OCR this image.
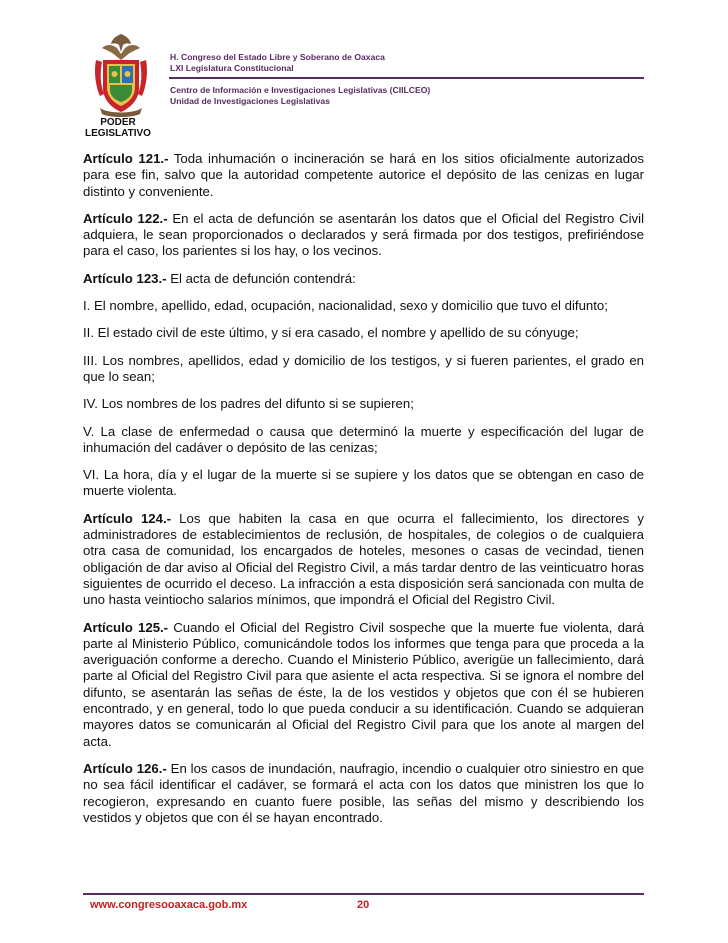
H. Congreso del Estado Libre y Soberano de Oaxaca
LXI Legislatura Constitucional
Centro de Información e Investigaciones Legislativas (CIILCEO)
Unidad de Investigaciones Legislativas
PODER
LEGISLATIVO

Artículo 121.- Toda inhumación o incineración se hará en los sitios oficialmente autorizados para ese fin, salvo que la autoridad competente autorice el depósito de las cenizas en lugar distinto y conveniente.

Artículo 122.- En el acta de defunción se asentarán los datos que el Oficial del Registro Civil adquiera, le sean proporcionados o declarados y será firmada por dos testigos, prefiriéndose para el caso, los parientes si los hay, o los vecinos.

Artículo 123.- El acta de defunción contendrá:

I. El nombre, apellido, edad, ocupación, nacionalidad, sexo y domicilio que tuvo el difunto;

II. El estado civil de este último, y si era casado, el nombre y apellido de su cónyuge;

III. Los nombres, apellidos, edad y domicilio de los testigos, y si fueren parientes, el grado en que lo sean;

IV. Los nombres de los padres del difunto si se supieren;

V. La clase de enfermedad o causa que determinó la muerte y especificación del lugar de inhumación del cadáver o depósito de las cenizas;

VI. La hora, día y el lugar de la muerte si se supiere y los datos que se obtengan en caso de muerte violenta.

Artículo 124.- Los que habiten la casa en que ocurra el fallecimiento, los directores y administradores de establecimientos de reclusión, de hospitales, de colegios o de cualquiera otra casa de comunidad, los encargados de hoteles, mesones o casas de vecindad, tienen obligación de dar aviso al Oficial del Registro Civil, a más tardar dentro de las veinticuatro horas siguientes de ocurrido el deceso. La infracción a esta disposición será sancionada con multa de uno hasta veintiocho salarios mínimos, que impondrá el Oficial del Registro Civil.

Artículo 125.- Cuando el Oficial del Registro Civil sospeche que la muerte fue violenta, dará parte al Ministerio Público, comunicándole todos los informes que tenga para que proceda a la averiguación conforme a derecho. Cuando el Ministerio Público, averigüe un fallecimiento, dará parte al Oficial del Registro Civil para que asiente el acta respectiva. Si se ignora el nombre del difunto, se asentarán las señas de éste, la de los vestidos y objetos que con él se hubieren encontrado, y en general, todo lo que pueda conducir a su identificación. Cuando se adquieran mayores datos se comunicarán al Oficial del Registro Civil para que los anote al margen del acta.

Artículo 126.- En los casos de inundación, naufragio, incendio o cualquier otro siniestro en que no sea fácil identificar el cadáver, se formará el acta con los datos que ministren los que lo recogieron, expresando en cuanto fuere posible, las señas del mismo y describiendo los vestidos y objetos que con él se hayan encontrado.

www.congresooaxaca.gob.mx	20
